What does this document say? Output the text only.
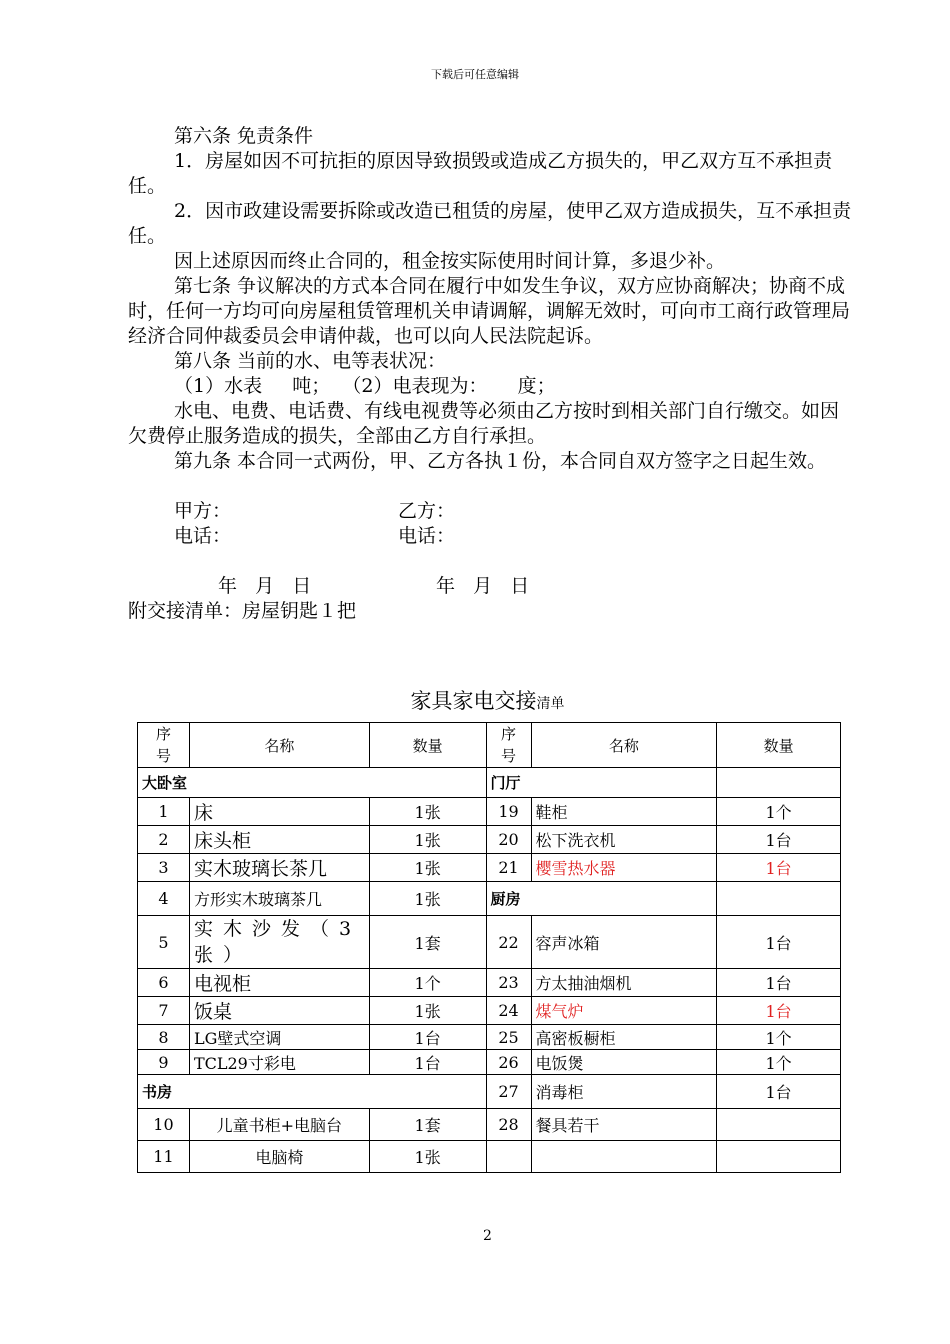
下载后可任意编辑

第六条 免责条件

1．房屋如因不可抗拒的原因导致损毁或造成乙方损失的，甲乙双方互不承担责任。

2．因市政建设需要拆除或改造已租赁的房屋，使甲乙双方造成损失，互不承担责任。

因上述原因而终止合同的，租金按实际使用时间计算，多退少补。

第七条 争议解决的方式本合同在履行中如发生争议，双方应协商解决；协商不成时，任何一方均可向房屋租赁管理机关申请调解，调解无效时，可向市工商行政管理局经济合同仲裁委员会申请仲裁，也可以向人民法院起诉。

第八条 当前的水、电等表状况：

（1）水表     吨；  （2）电表现为：     度；

水电、电费、电话费、有线电视费等必须由乙方按时到相关部门自行缴交。如因欠费停止服务造成的损失，全部由乙方自行承担。

第九条 本合同一式两份，甲、乙方各执１份，本合同自双方签字之日起生效。

甲方：	乙方：
电话：	电话：
年   月   日	年   月   日

附交接清单：房屋钥匙１把

家具家电交接清单
序号	名称	数量	序号	名称	数量
大卧室			门厅		
1	床	1张	19	鞋柜	1个
2	床头柜	1张	20	松下洗衣机	1台
3	实木玻璃长茶几	1张	21	樱雪热水器	1台
4	方形实木玻璃茶几	1张	厨房		
5	实木沙发（3张）	1套	22	容声冰箱	1台
6	电视柜	1个	23	方太抽油烟机	1台
7	饭桌	1张	24	煤气炉	1台
8	LG壁式空调	1台	25	高密板橱柜	1个
9	TCL29寸彩电	1台	26	电饭煲	1个
书房			27	消毒柜	1台
10	儿童书柜+电脑台	1套	28	餐具若干	
11	电脑椅	1张			
2
